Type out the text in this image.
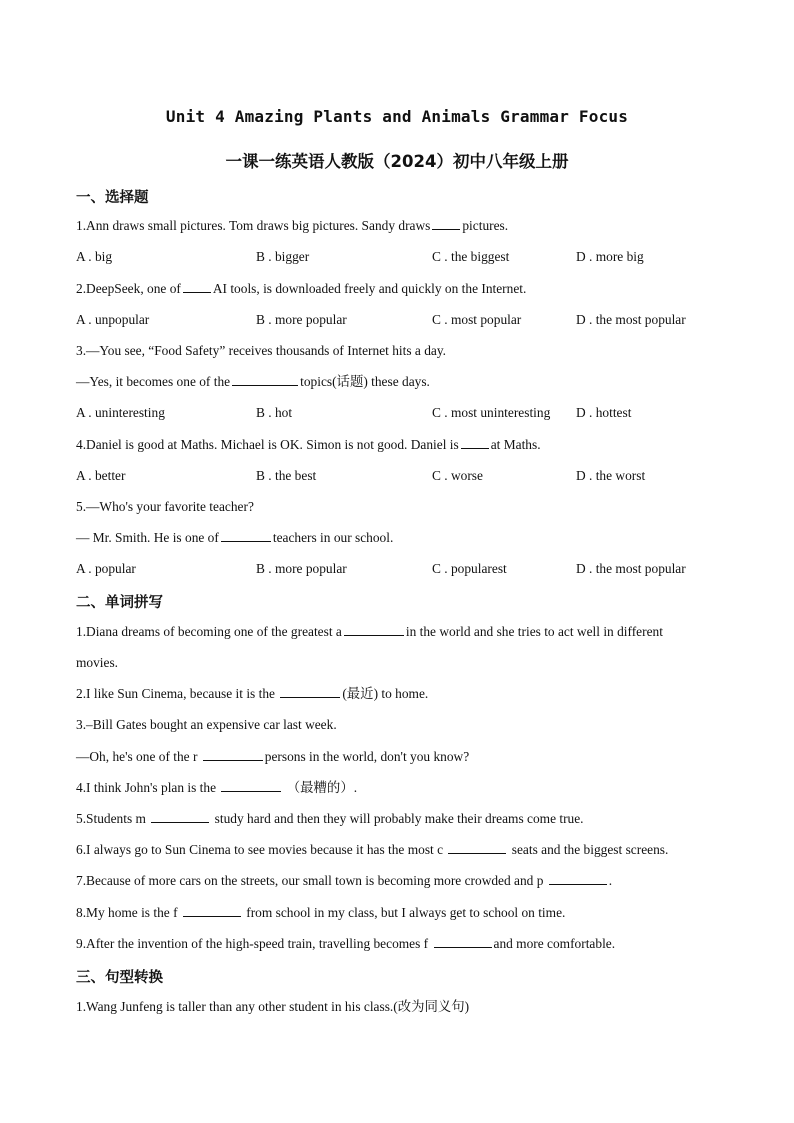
Unit 4 Amazing Plants and Animals Grammar Focus
一课一练英语人教版（2024）初中八年级上册
一、选择题
1.Ann draws small pictures. Tom draws big pictures. Sandy draws pictures.
A . big	B . bigger	C . the biggest	D . more big
2.DeepSeek, one of AI tools, is downloaded freely and quickly on the Internet.
A . unpopular	B . more popular	C . most popular	D . the most popular
3.—You see, “Food Safety” receives thousands of Internet hits a day.
—Yes, it becomes one of the	topics(话题) these days.
A . uninteresting	B . hot	C . most uninteresting D . hottest
4.Daniel is good at Maths. Michael is OK. Simon is not good. Daniel is at Maths.
A . better	B . the best	C . worse	D . the worst
5.—Who's your favorite teacher?
— Mr. Smith. He is one of	teachers in our school.
A . popular	B . more popular	C . popularest	D . the most popular
二、单词拼写
1.Diana dreams of becoming one of the greatest a	in the world and she tries to act well in different
movies.
2.I like Sun Cinema, because it is the	(最近) to home.
3.–Bill Gates bought an expensive car last week.
—Oh, he's one of the r	persons in the world, don't you know?
4.I think John's plan is the	（最糟的）.
5.Students m	study hard and then they will probably make their dreams come true.
6.I always go to Sun Cinema to see movies because it has the most c	seats and the biggest screens.
7.Because of more cars on the streets, our small town is becoming more crowded and p	.
8.My home is the f	from school in my class, but I always get to school on time.
9.After the invention of the high-speed train, travelling becomes f	and more comfortable.
三、句型转换
1.Wang Junfeng is taller than any other student in his class.(改为同义句)
